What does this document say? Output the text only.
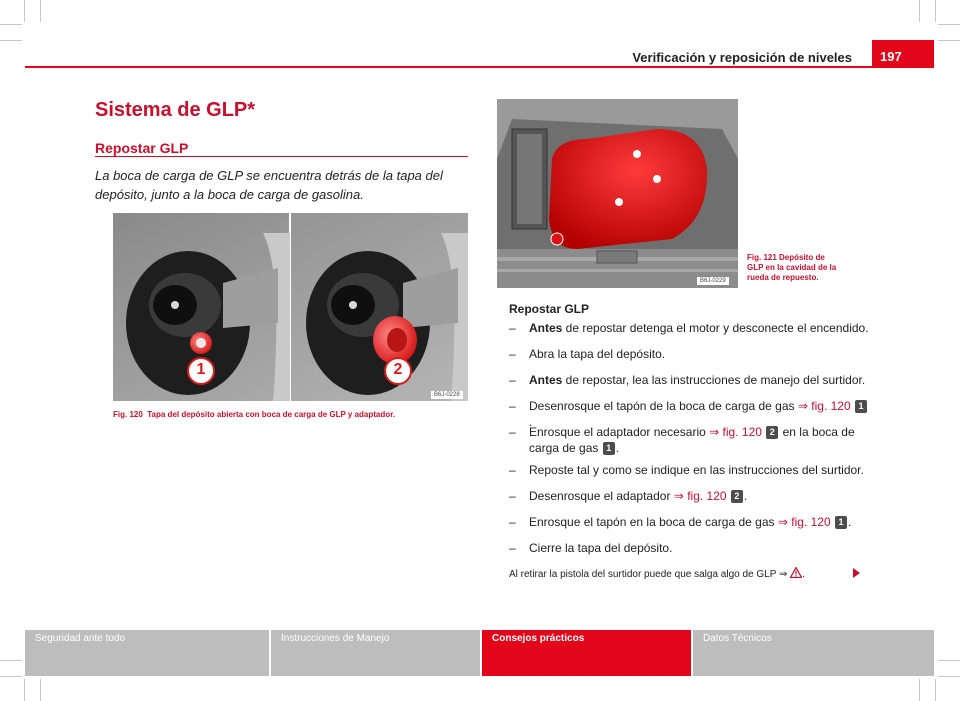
Verificación y reposición de niveles	197
Sistema de GLP*
Repostar GLP
La boca de carga de GLP se encuentra detrás de la tapa del
depósito, junto a la boca de carga de gasolina.
1	2
B6J-0228
Fig. 120 Tapa del depósito abierta con boca de carga de GLP y adaptador.
B6J-0229
Fig. 121 Depósito de
GLP en la cavidad de la
rueda de repuesto.
Repostar GLP
– Antes de repostar detenga el motor y desconecte el encendido.
– Abra la tapa del depósito.
– Antes de repostar, lea las instrucciones de manejo del surtidor.
– Desenrosque el tapón de la boca de carga de gas ⇒ fig. 120 1.
– Enrosque el adaptador necesario ⇒ fig. 120 2 en la boca de
carga de gas 1 .
– Reposte tal y como se indique en las instrucciones del surtidor.
– Desenrosque el adaptador ⇒ fig. 120 2 .
– Enrosque el tapón en la boca de carga de gas ⇒ fig. 120 1 .
– Cierre la tapa del depósito.
Al retirar la pistola del surtidor puede que salga algo de GLP ⇒ .
Seguridad ante todo	Instrucciones de Manejo	Consejos prácticos	Datos Técnicos
